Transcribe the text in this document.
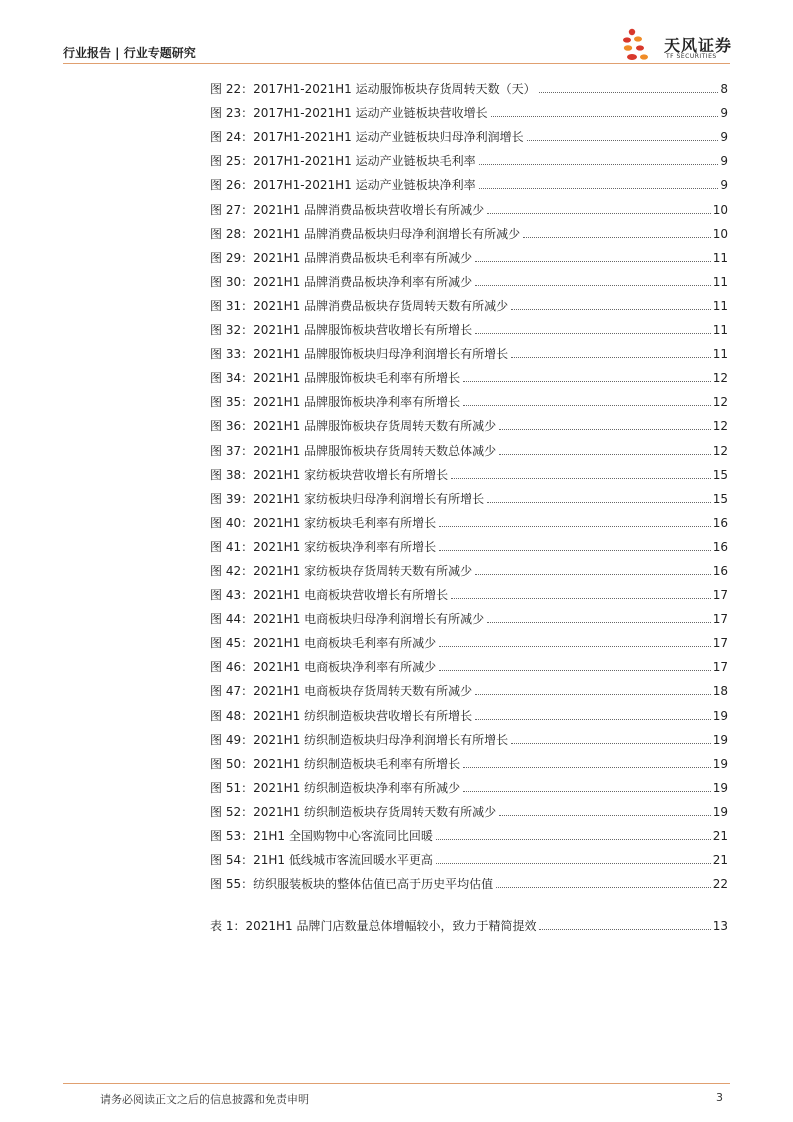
行业报告 | 行业专题研究	天风证券
TF SECURITIES
图 22：2017H1-2021H1 运动服饰板块存货周转天数（天）	8
图 23：2017H1-2021H1 运动产业链板块营收增长	9
图 24：2017H1-2021H1 运动产业链板块归母净利润增长	9
图 25：2017H1-2021H1 运动产业链板块毛利率	9
图 26：2017H1-2021H1 运动产业链板块净利率	9
图 27：2021H1 品牌消费品板块营收增长有所减少	10
图 28：2021H1 品牌消费品板块归母净利润增长有所减少	10
图 29：2021H1 品牌消费品板块毛利率有所减少	11
图 30：2021H1 品牌消费品板块净利率有所减少	11
图 31：2021H1 品牌消费品板块存货周转天数有所减少	11
图 32：2021H1 品牌服饰板块营收增长有所增长	11
图 33：2021H1 品牌服饰板块归母净利润增长有所增长	11
图 34：2021H1 品牌服饰板块毛利率有所增长	12
图 35：2021H1 品牌服饰板块净利率有所增长	12
图 36：2021H1 品牌服饰板块存货周转天数有所减少	12
图 37：2021H1 品牌服饰板块存货周转天数总体减少	12
图 38：2021H1 家纺板块营收增长有所增长	15
图 39：2021H1 家纺板块归母净利润增长有所增长	15
图 40：2021H1 家纺板块毛利率有所增长	16
图 41：2021H1 家纺板块净利率有所增长	16
图 42：2021H1 家纺板块存货周转天数有所减少	16
图 43：2021H1 电商板块营收增长有所增长	17
图 44：2021H1 电商板块归母净利润增长有所减少	17
图 45：2021H1 电商板块毛利率有所减少	17
图 46：2021H1 电商板块净利率有所减少	17
图 47：2021H1 电商板块存货周转天数有所减少	18
图 48：2021H1 纺织制造板块营收增长有所增长	19
图 49：2021H1 纺织制造板块归母净利润增长有所增长	19
图 50：2021H1 纺织制造板块毛利率有所增长	19
图 51：2021H1 纺织制造板块净利率有所减少	19
图 52：2021H1 纺织制造板块存货周转天数有所减少	19
图 53：21H1 全国购物中心客流同比回暖	21
图 54：21H1 低线城市客流回暖水平更高	21
图 55：纺织服装板块的整体估值已高于历史平均估值	22
表 1：2021H1 品牌门店数量总体增幅较小，致力于精简提效	13
请务必阅读正文之后的信息披露和免责申明	3
